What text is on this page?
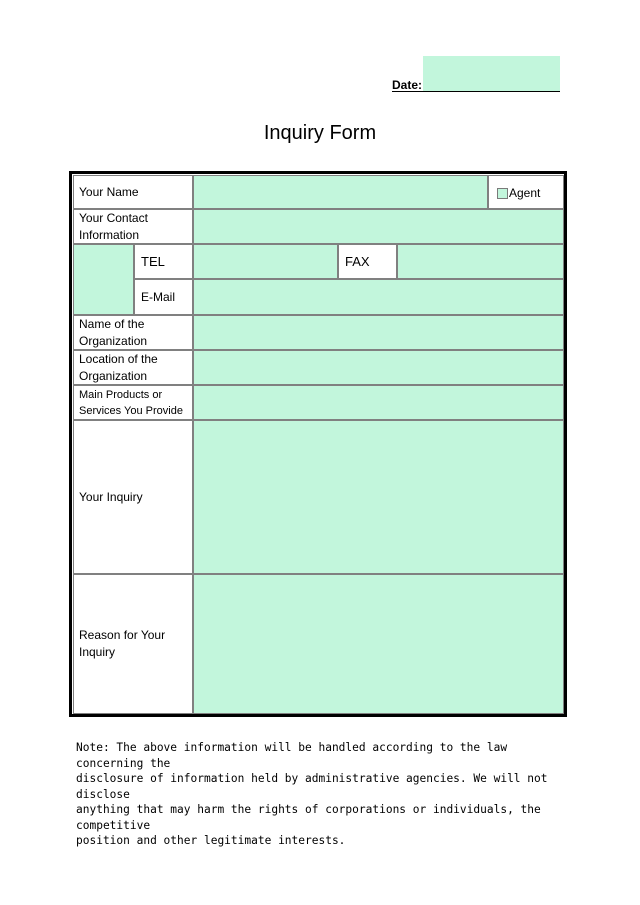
Date:
Inquiry Form
Your Name	Agent
Your Contact Information
TEL	FAX
E-Mail
Name of the Organization
Location of the Organization
Main Products or Services You Provide
Your Inquiry
Reason for Your Inquiry
Note: The above information will be handled according to the law concerning the
disclosure of information held by administrative agencies. We will not disclose
anything that may harm the rights of corporations or individuals, the competitive
position and other legitimate interests.
